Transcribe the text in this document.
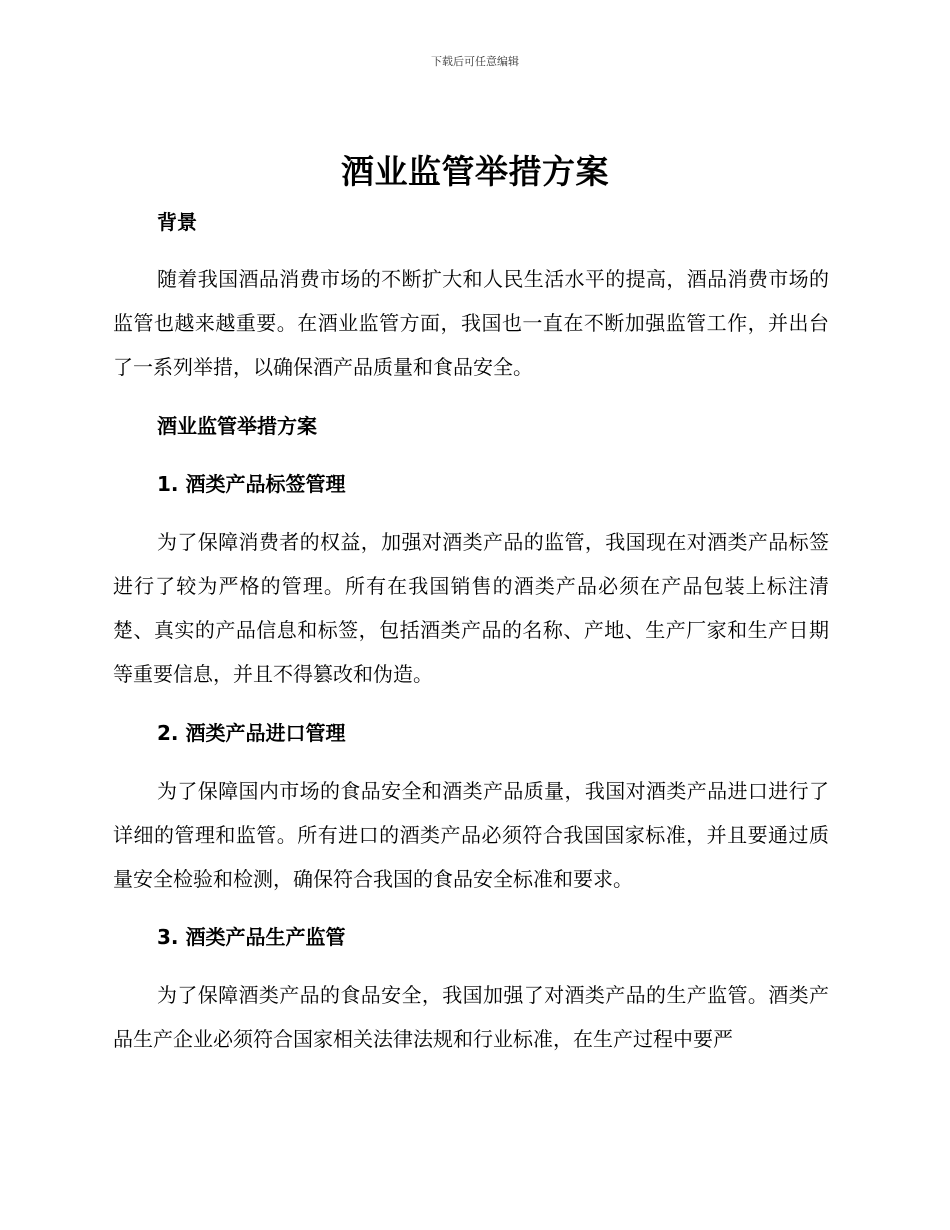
下载后可任意编辑
酒业监管举措方案
背景

随着我国酒品消费市场的不断扩大和人民生活水平的提高，酒品消费市场的监管也越来越重要。在酒业监管方面，我国也一直在不断加强监管工作，并出台了一系列举措，以确保酒产品质量和食品安全。

酒业监管举措方案
1. 酒类产品标签管理

为了保障消费者的权益，加强对酒类产品的监管，我国现在对酒类产品标签进行了较为严格的管理。所有在我国销售的酒类产品必须在产品包装上标注清楚、真实的产品信息和标签，包括酒类产品的名称、产地、生产厂家和生产日期等重要信息，并且不得篡改和伪造。

2. 酒类产品进口管理

为了保障国内市场的食品安全和酒类产品质量，我国对酒类产品进口进行了详细的管理和监管。所有进口的酒类产品必须符合我国国家标准，并且要通过质量安全检验和检测，确保符合我国的食品安全标准和要求。

3. 酒类产品生产监管

为了保障酒类产品的食品安全，我国加强了对酒类产品的生产监管。酒类产品生产企业必须符合国家相关法律法规和行业标准，在生产过程中要严
